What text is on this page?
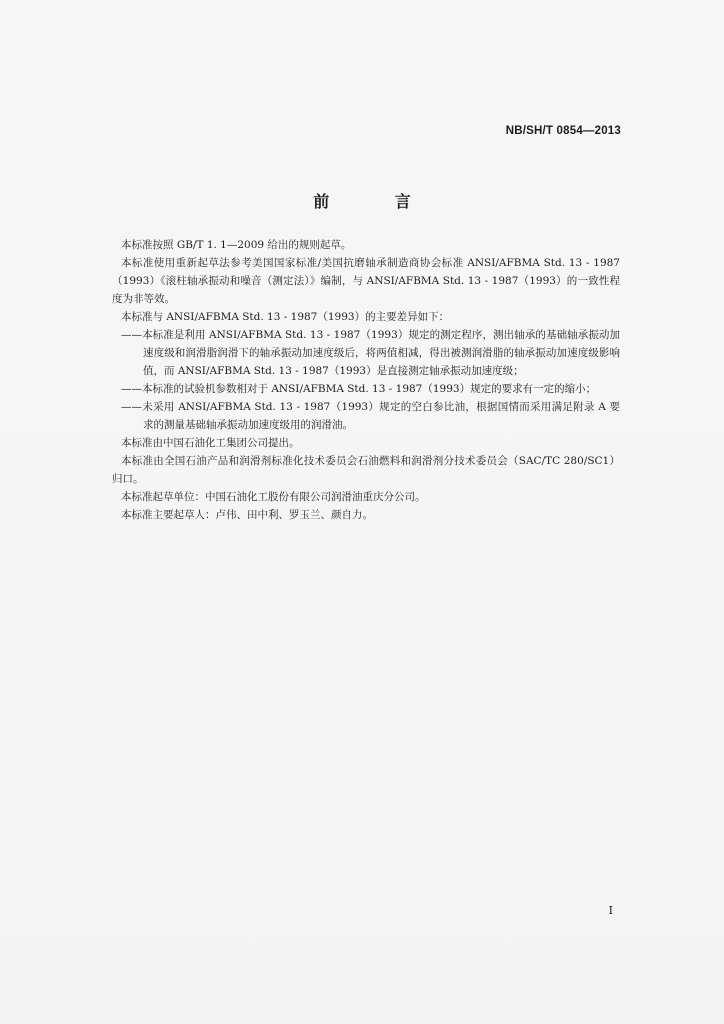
NB/SH/T 0854—2013
前 言

本标准按照 GB/T 1. 1—2009 给出的规则起草。

本标准使用重新起草法参考美国国家标准/美国抗磨轴承制造商协会标准 ANSI/AFBMA Std. 13 - 1987（1993）《滚柱轴承振动和噪音（测定法）》编制，与 ANSI/AFBMA Std. 13 - 1987（1993）的一致性程度为非等效。

本标准与 ANSI/AFBMA Std. 13 - 1987（1993）的主要差异如下：

——本标准是利用 ANSI/AFBMA Std. 13 - 1987（1993）规定的测定程序，测出轴承的基础轴承振动加速度级和润滑脂润滑下的轴承振动加速度级后，将两值相减，得出被测润滑脂的轴承振动加速度级影响值，而 ANSI/AFBMA Std. 13 - 1987（1993）是直接测定轴承振动加速度级；

——本标准的试验机参数相对于 ANSI/AFBMA Std. 13 - 1987（1993）规定的要求有一定的缩小；

——未采用 ANSI/AFBMA Std. 13 - 1987（1993）规定的空白参比油，根据国情而采用满足附录 A 要求的测量基础轴承振动加速度级用的润滑油。

本标准由中国石油化工集团公司提出。

本标准由全国石油产品和润滑剂标准化技术委员会石油燃料和润滑剂分技术委员会（SAC/TC 280/SC1）归口。

本标准起草单位：中国石油化工股份有限公司润滑油重庆分公司。

本标准主要起草人：卢伟、田中利、罗玉兰、颜自力。

I
